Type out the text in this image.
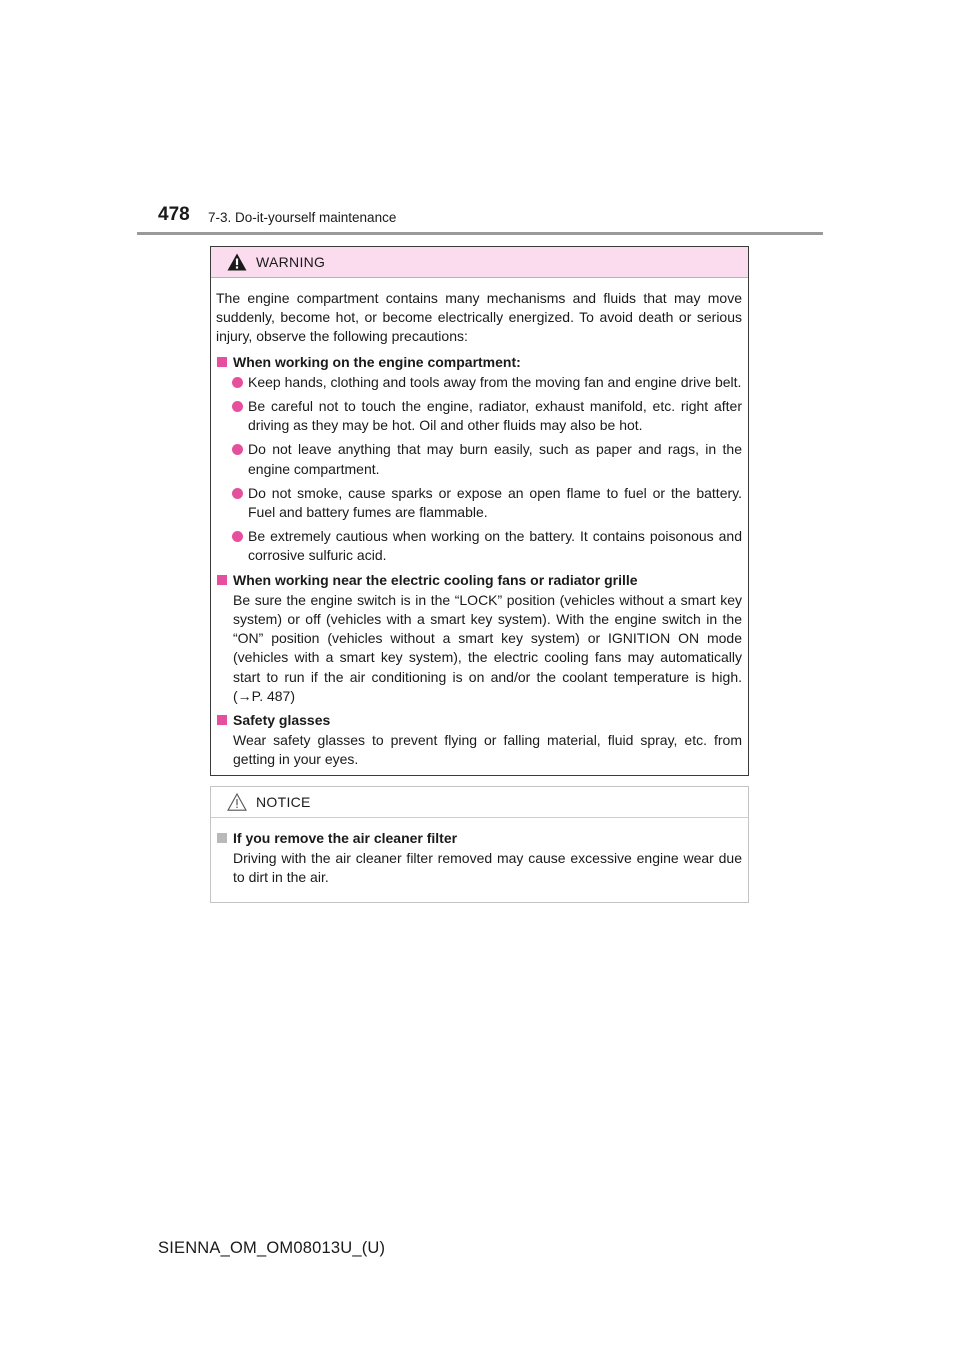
478 7-3. Do-it-yourself maintenance
WARNING

The engine compartment contains many mechanisms and fluids that may move suddenly, become hot, or become electrically energized. To avoid death or serious injury, observe the following precautions:

When working on the engine compartment:

Keep hands, clothing and tools away from the moving fan and engine drive belt.
Be careful not to touch the engine, radiator, exhaust manifold, etc. right after driving as they may be hot. Oil and other fluids may also be hot.
Do not leave anything that may burn easily, such as paper and rags, in the engine compartment.
Do not smoke, cause sparks or expose an open flame to fuel or the battery. Fuel and battery fumes are flammable.
Be extremely cautious when working on the battery. It contains poisonous and corrosive sulfuric acid.

When working near the electric cooling fans or radiator grille

Be sure the engine switch is in the “LOCK” position (vehicles without a smart key system) or off (vehicles with a smart key system). With the engine switch in the “ON” position (vehicles without a smart key system) or IGNITION ON mode (vehicles with a smart key system), the electric cooling fans may automatically start to run if the air conditioning is on and/or the coolant temperature is high. (→P. 487)

Safety glasses

Wear safety glasses to prevent flying or falling material, fluid spray, etc. from getting in your eyes.

NOTICE

If you remove the air cleaner filter

Driving with the air cleaner filter removed may cause excessive engine wear due to dirt in the air.

SIENNA_OM_OM08013U_(U)
